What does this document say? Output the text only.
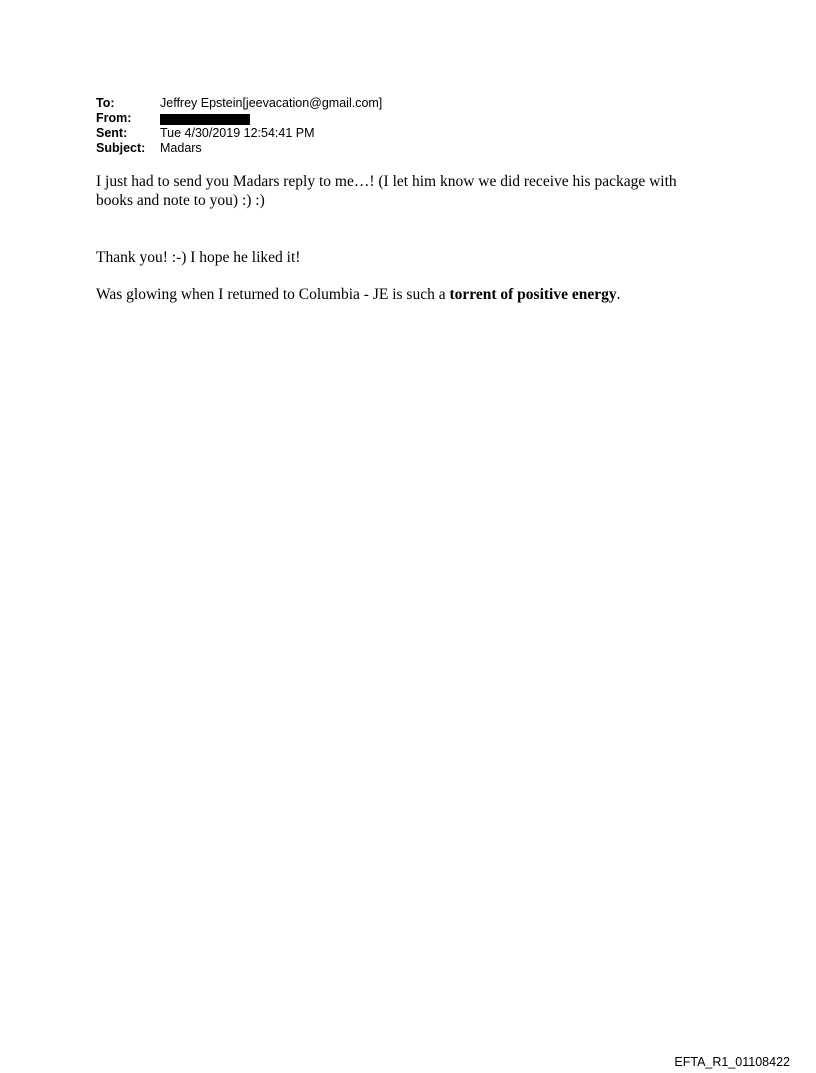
To:	Jeffrey Epstein[jeevacation@gmail.com]
From:
Sent:	Tue 4/30/2019 12:54:41 PM
Subject:	Madars

I just had to send you Madars reply to me…! (I let him know we did receive his package with books and note to you) :) :)

Thank you! :-) I hope he liked it!

Was glowing when I returned to Columbia - JE is such a torrent of positive energy.

EFTA_R1_01108422
